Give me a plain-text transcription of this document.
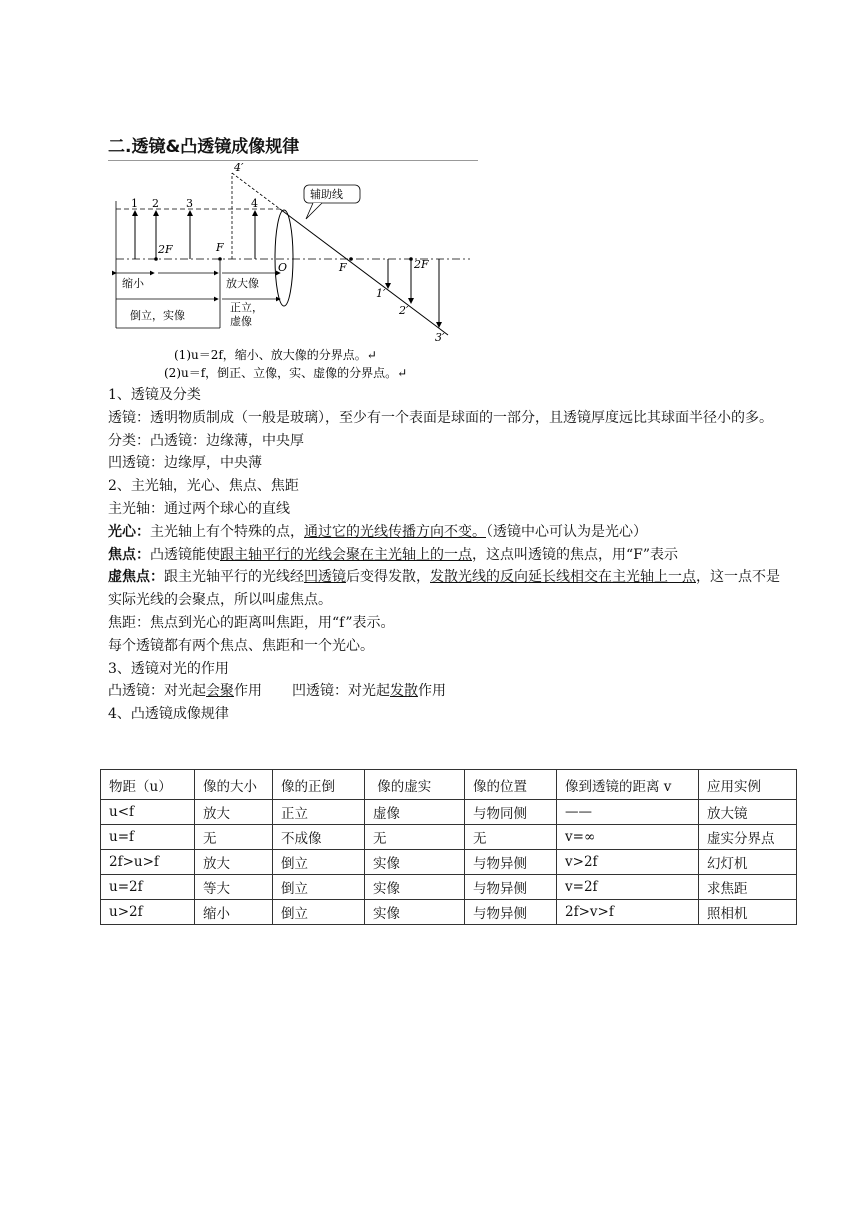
二.透镜&凸透镜成像规律
辅助线
1 2 3	4
4′
2F	F
O	F	2F
1′
2′
3′
缩小	放大像
倒立，实像
正立，
虚像
(1)u＝2f，缩小、放大像的分界点。↵
(2)u＝f，倒正、立像，实、虚像的分界点。↵

1、透镜及分类

透镜：透明物质制成（一般是玻璃），至少有一个表面是球面的一部分，且透镜厚度远比其球面半径小的多。

分类：凸透镜：边缘薄，中央厚

凹透镜：边缘厚，中央薄

2、主光轴，光心、焦点、焦距

主光轴：通过两个球心的直线

光心：主光轴上有个特殊的点，通过它的光线传播方向不变。（透镜中心可认为是光心）

焦点：凸透镜能使跟主轴平行的光线会聚在主光轴上的一点，这点叫透镜的焦点，用“F”表示

虚焦点：跟主光轴平行的光线经凹透镜后变得发散，发散光线的反向延长线相交在主光轴上一点，这一点不是实际光线的会聚点，所以叫虚焦点。

焦距：焦点到光心的距离叫焦距，用“f”表示。

每个透镜都有两个焦点、焦距和一个光心。

3、透镜对光的作用

凸透镜：对光起会聚作用 凹透镜：对光起发散作用

4、凸透镜成像规律

物距（u）	像的大小	像的正倒	像的虚实	像的位置	像到透镜的距离 v	应用实例
u<f	放大	正立	虚像	与物同侧	——	放大镜
u=f	无	不成像	无	无	v=∞	虚实分界点
2f>u>f	放大	倒立	实像	与物异侧	v>2f	幻灯机
u=2f	等大	倒立	实像	与物异侧	v=2f	求焦距
u>2f	缩小	倒立	实像	与物异侧	2f>v>f	照相机
